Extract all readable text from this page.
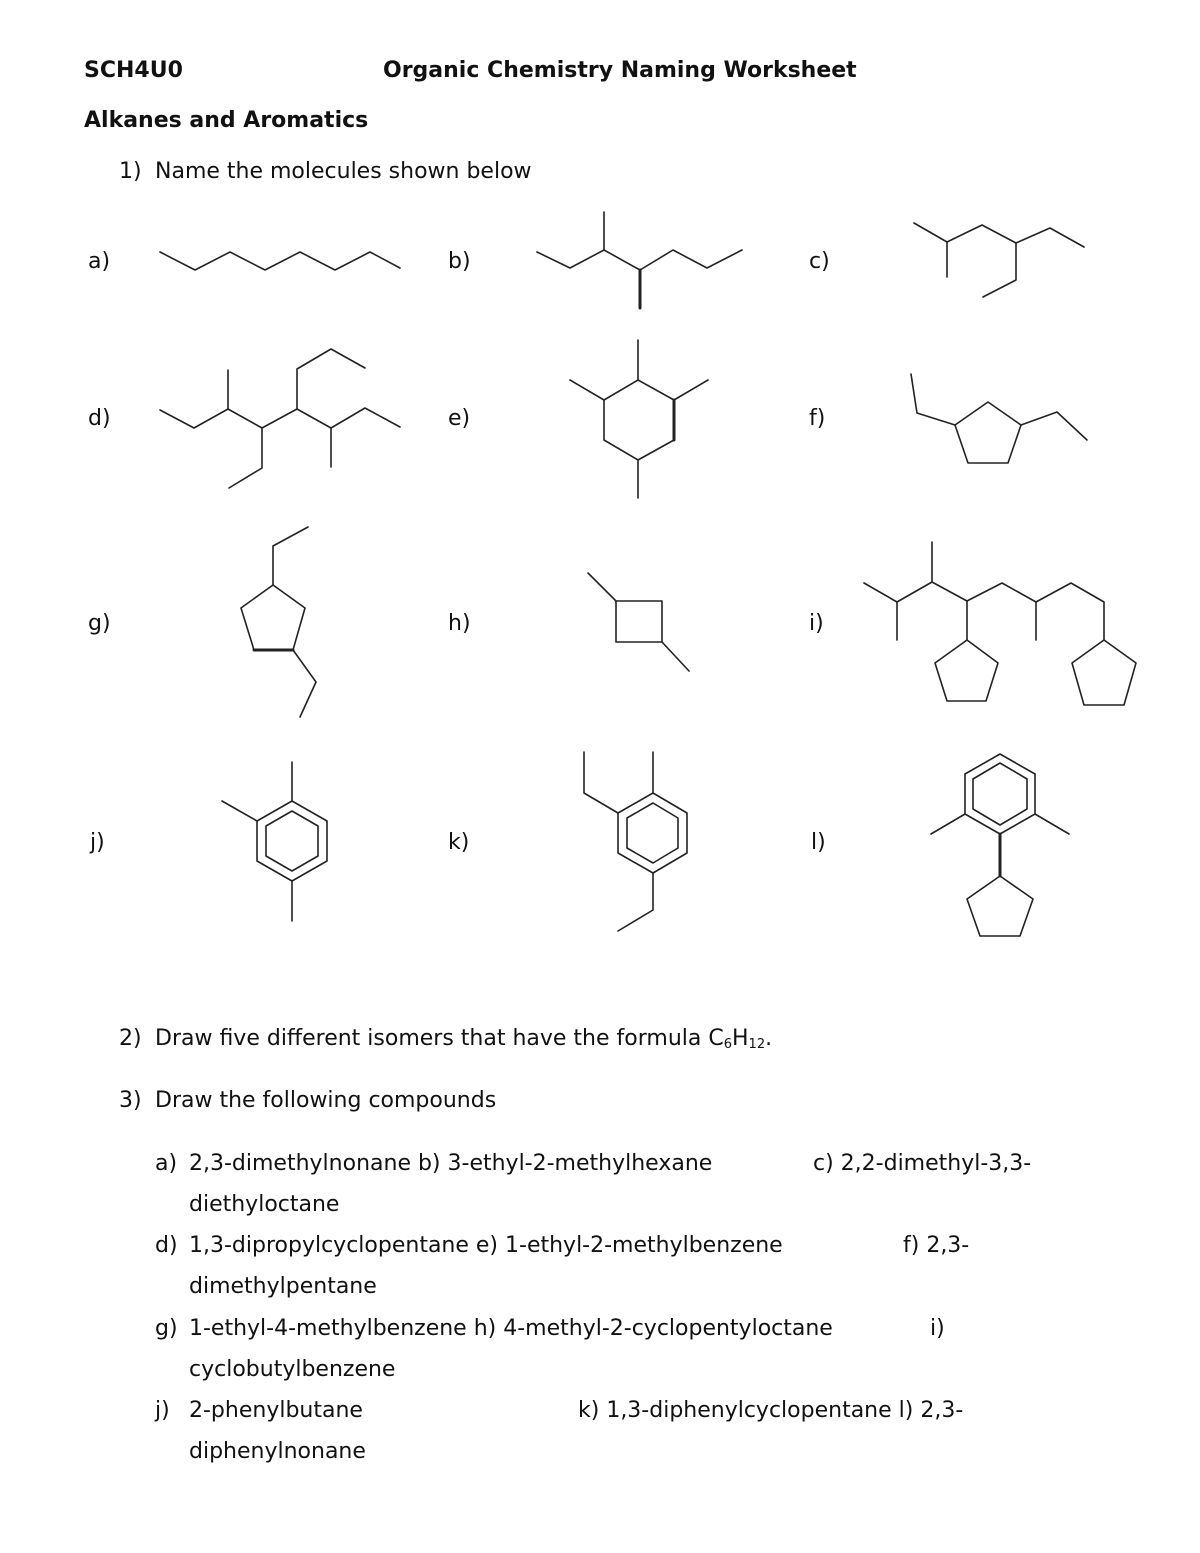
SCH4U0	Organic Chemistry Naming Worksheet
Alkanes and Aromatics
1) Name the molecules shown below
a)	b)	c)
d)	e)	f)
g)	h)	i)
j)	k)	l)
2) Draw five different isomers that have the formula $C_6H_{12}$.
3) Draw the following compounds
a) 2,3-dimethylnonane b) 3-ethyl-2-methylhexane	c) 2,2-dimethyl-3,3-
diethyloctane
d) 1,3-dipropylcyclopentane e) 1-ethyl-2-methylbenzene	f) 2,3-
dimethylpentane
g) 1-ethyl-4-methylbenzene h) 4-methyl-2-cyclopentyloctane	i)
cyclobutylbenzene
j) 2-phenylbutane	k) 1,3-diphenylcyclopentane l) 2,3-
diphenylnonane
